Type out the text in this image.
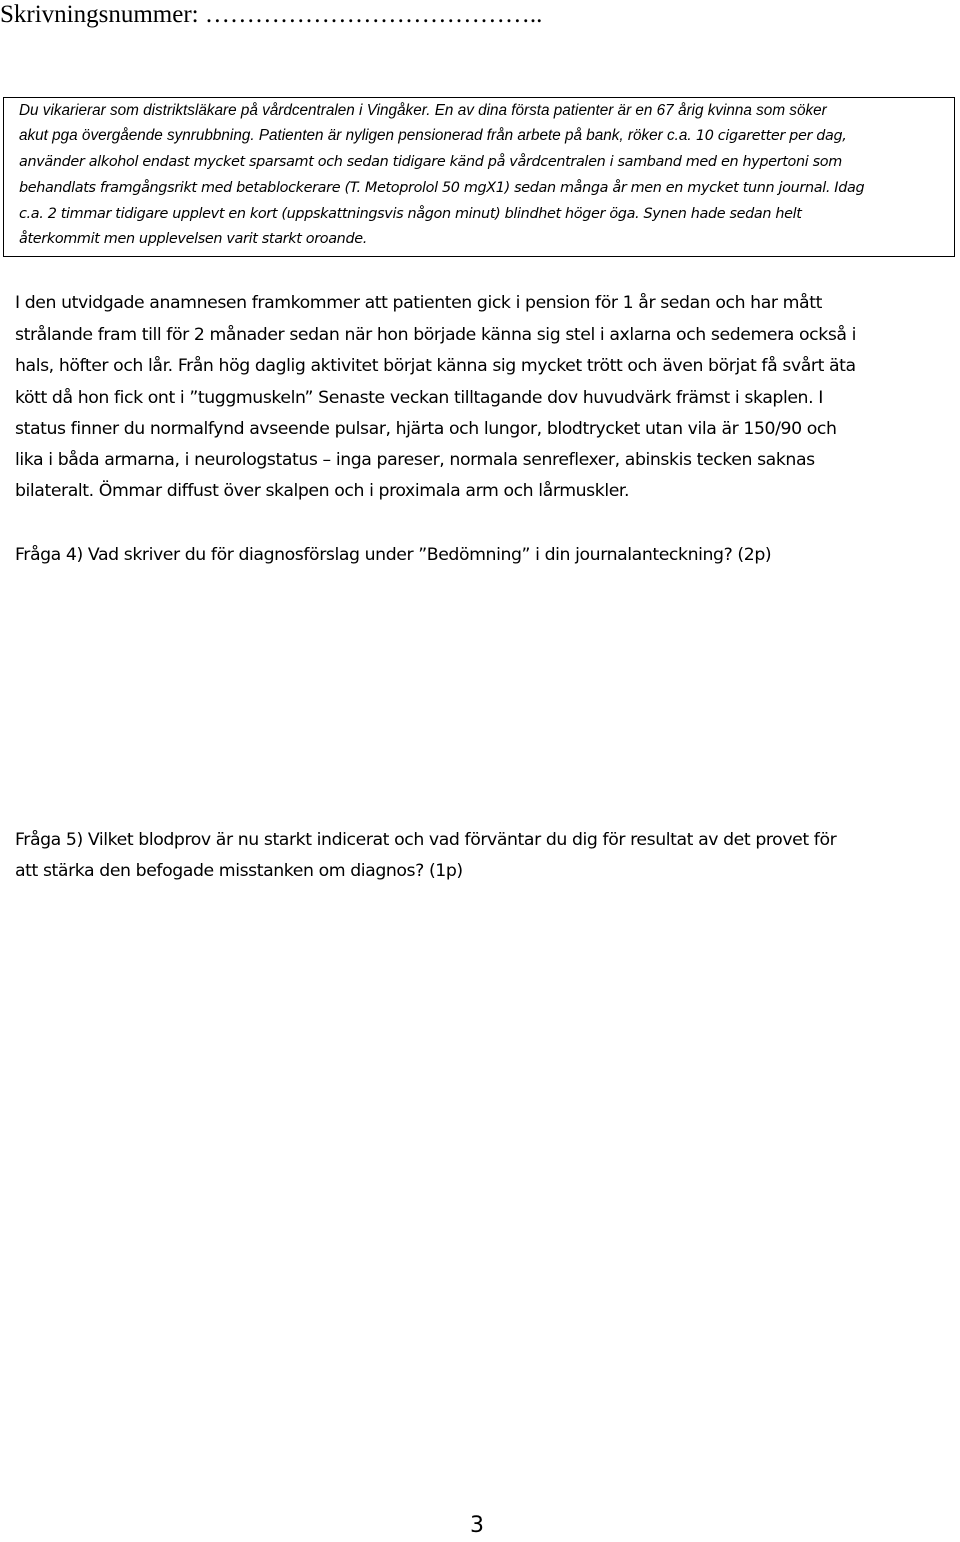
Skrivningsnummer: …………………………………..
Du vikarierar som distriktsläkare på vårdcentralen i Vingåker. En av dina första patienter är en 67 årig kvinna som söker
akut pga övergående synrubbning. Patienten är nyligen pensionerad från arbete på bank, röker c.a. 10 cigaretter per dag,
använder alkohol endast mycket sparsamt och sedan tidigare känd på vårdcentralen i samband med en hypertoni som
behandlats framgångsrikt med betablockerare (T. Metoprolol 50 mgX1) sedan många år men en mycket tunn journal. Idag
c.a. 2 timmar tidigare upplevt en kort (uppskattningsvis någon minut) blindhet höger öga. Synen hade sedan helt
återkommit men upplevelsen varit starkt oroande.
I den utvidgade anamnesen framkommer att patienten gick i pension för 1 år sedan och har mått
strålande fram till för 2 månader sedan när hon började känna sig stel i axlarna och sedemera också i
hals, höfter och lår. Från hög daglig aktivitet börjat känna sig mycket trött och även börjat få svårt äta
kött då hon fick ont i ”tuggmuskeln” Senaste veckan tilltagande dov huvudvärk främst i skaplen. I
status finner du normalfynd avseende pulsar, hjärta och lungor, blodtrycket utan vila är 150/90 och
lika i båda armarna, i neurologstatus – inga pareser, normala senreflexer, abinskis tecken saknas
bilateralt. Ömmar diffust över skalpen och i proximala arm och lårmuskler.
Fråga 4) Vad skriver du för diagnosförslag under ”Bedömning” i din journalanteckning? (2p)
Fråga 5) Vilket blodprov är nu starkt indicerat och vad förväntar du dig för resultat av det provet för
att stärka den befogade misstanken om diagnos? (1p)
3
